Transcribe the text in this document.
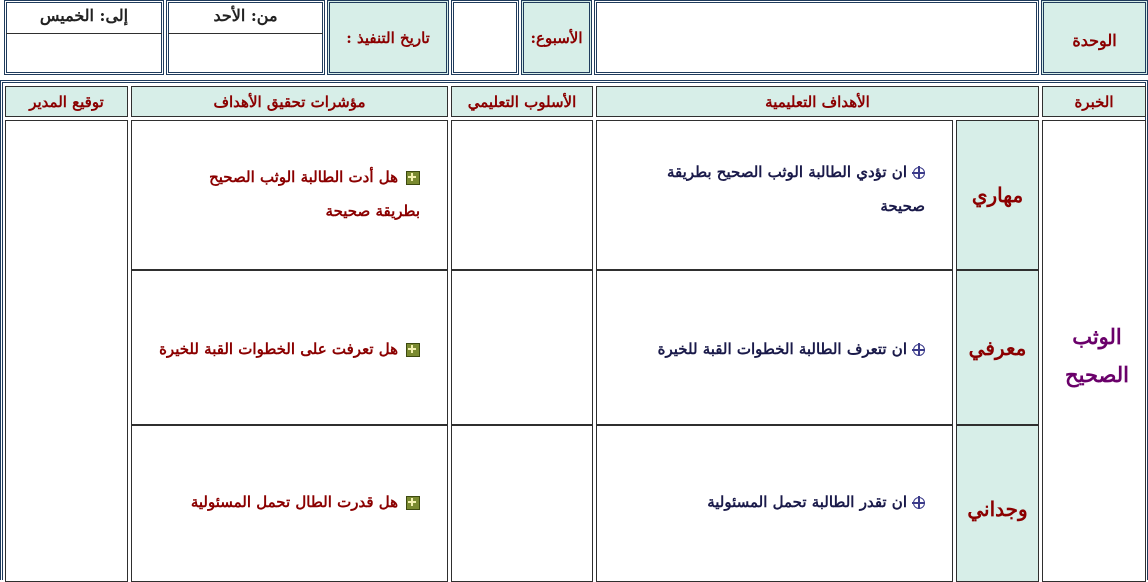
الوحدة
الأسبوع:
تاريخ التنفيذ :
من: الأحد
إلى: الخميس
الخبرة
الأهداف التعليمية
الأسلوب التعليمي
مؤشرات تحقيق الأهداف
توقيع المدير
الوثب الصحيح
مهاري
ان تؤدي الطالبة الوثب الصحيح بطريقة صحيحة
هل أدت الطالبة الوثب الصحيح بطريقة صحيحة
معرفي
ان تتعرف الطالبة الخطوات القبة للخيرة
هل تعرفت على الخطوات القبة للخيرة
وجداني
ان تقدر الطالبة تحمل المسئولية
هل قدرت الطال تحمل المسئولية
